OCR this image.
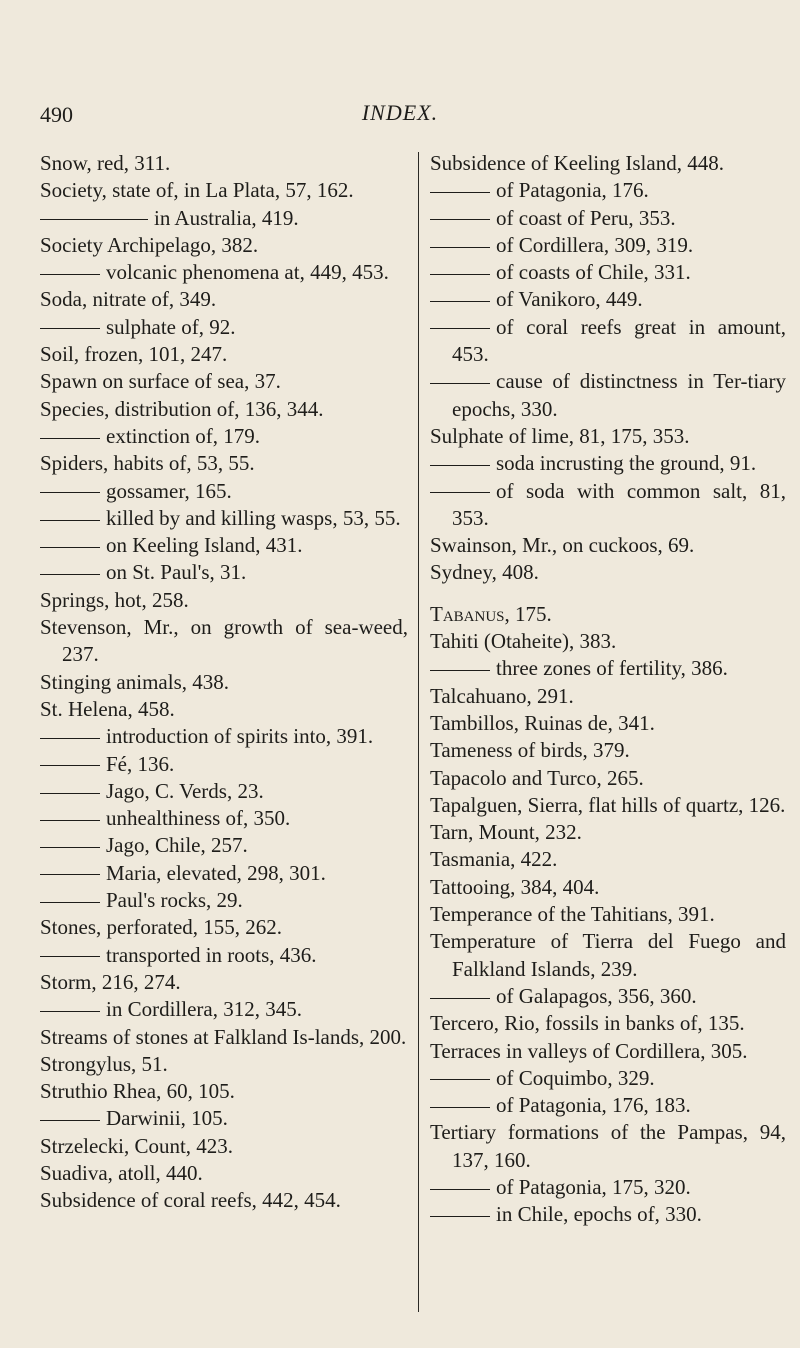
490	INDEX.
Snow, red, 311.
Society, state of, in La Plata, 57, 162.
in Australia, 419.
Society Archipelago, 382.
volcanic phenomena at, 449, 453.
Soda, nitrate of, 349.
sulphate of, 92.
Soil, frozen, 101, 247.
Spawn on surface of sea, 37.
Species, distribution of, 136, 344.
extinction of, 179.
Spiders, habits of, 53, 55.
gossamer, 165.
killed by and killing wasps, 53, 55.
on Keeling Island, 431.
on St. Paul's, 31.
Springs, hot, 258.
Stevenson, Mr., on growth of sea-weed, 237.
Stinging animals, 438.
St. Helena, 458.
introduction of spirits into, 391.
Fé, 136.
Jago, C. Verds, 23.
unhealthiness of, 350.
Jago, Chile, 257.
Maria, elevated, 298, 301.
Paul's rocks, 29.
Stones, perforated, 155, 262.
transported in roots, 436.
Storm, 216, 274.
in Cordillera, 312, 345.
Streams of stones at Falkland Is-lands, 200.
Strongylus, 51.
Struthio Rhea, 60, 105.
Darwinii, 105.
Strzelecki, Count, 423.
Suadiva, atoll, 440.
Subsidence of coral reefs, 442, 454.
Subsidence of Keeling Island, 448.
of Patagonia, 176.
of coast of Peru, 353.
of Cordillera, 309, 319.
of coasts of Chile, 331.
of Vanikoro, 449.
of coral reefs great in amount, 453.
cause of distinctness in Ter-tiary epochs, 330.
Sulphate of lime, 81, 175, 353.
soda incrusting the ground, 91.
of soda with common salt, 81, 353.
Swainson, Mr., on cuckoos, 69.
Sydney, 408.
Tabanus, 175.
Tahiti (Otaheite), 383.
three zones of fertility, 386.
Talcahuano, 291.
Tambillos, Ruinas de, 341.
Tameness of birds, 379.
Tapacolo and Turco, 265.
Tapalguen, Sierra, flat hills of quartz, 126.
Tarn, Mount, 232.
Tasmania, 422.
Tattooing, 384, 404.
Temperance of the Tahitians, 391.
Temperature of Tierra del Fuego and Falkland Islands, 239.
of Galapagos, 356, 360.
Tercero, Rio, fossils in banks of, 135.
Terraces in valleys of Cordillera, 305.
of Coquimbo, 329.
of Patagonia, 176, 183.
Tertiary formations of the Pampas, 94, 137, 160.
of Patagonia, 175, 320.
in Chile, epochs of, 330.
